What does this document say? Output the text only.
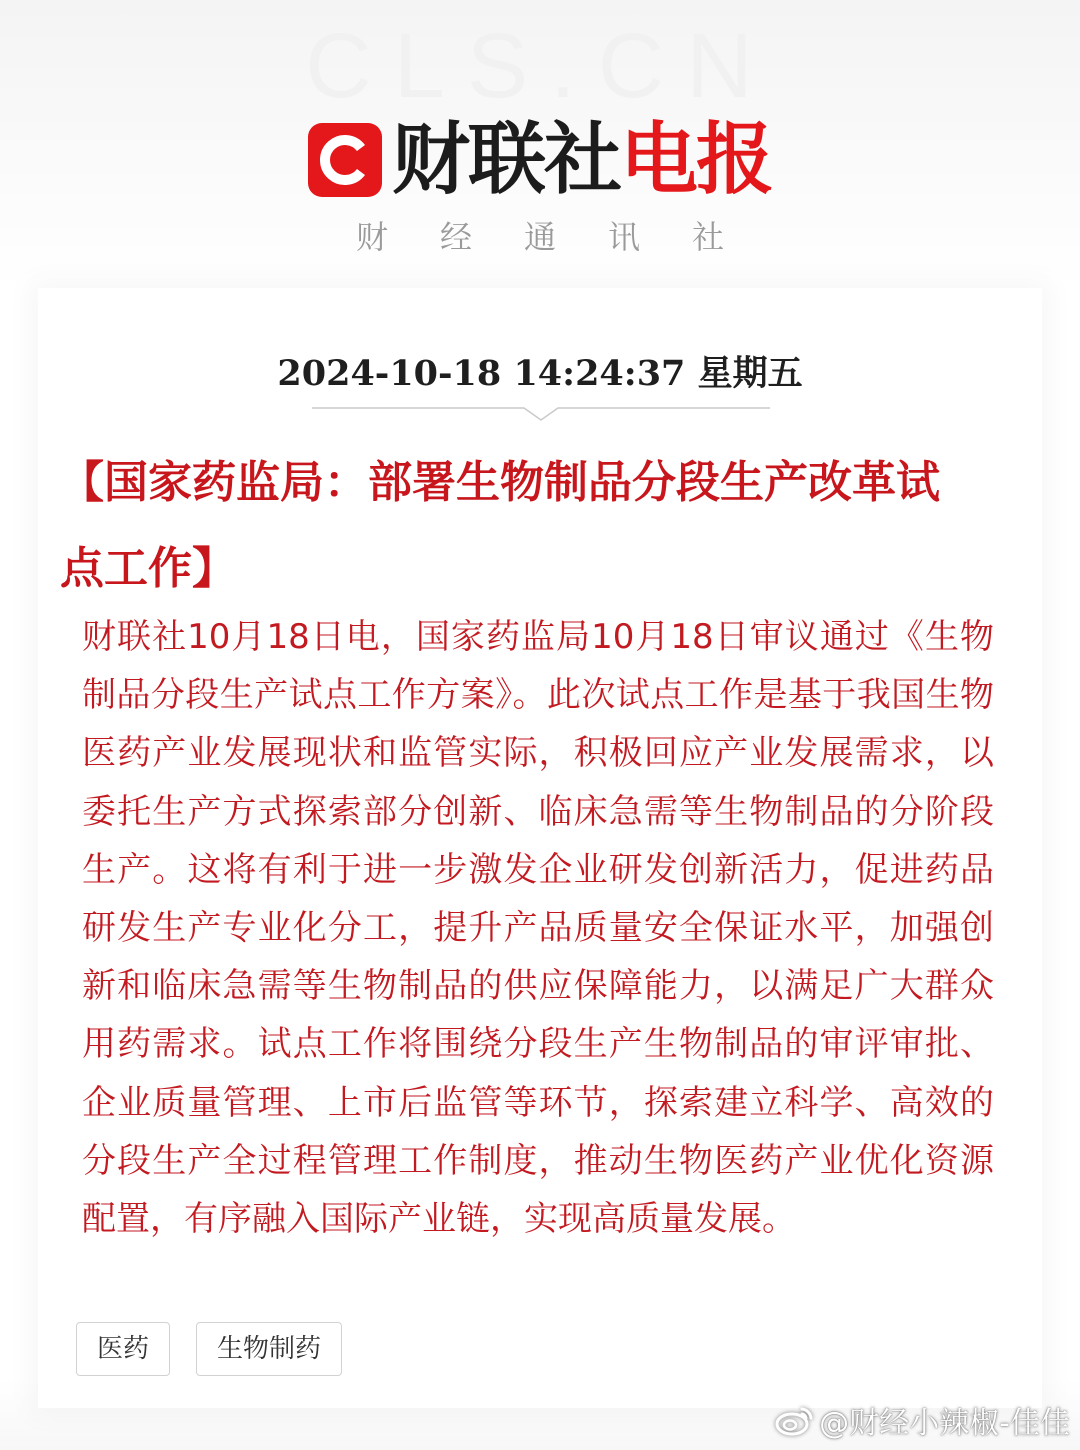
CLS.CN
财联社 电报
财经通讯社
2024-10-18 14:24:37 星期五
【国家药监局：部署生物制品分段生产改革试点工作】
财联社10月18日电，国家药监局10月18日审议通过《生物制品分段生产试点工作方案》。此次试点工作是基于我国生物医药产业发展现状和监管实际，积极回应产业发展需求，以委托生产方式探索部分创新、临床急需等生物制品的分阶段生产。这将有利于进一步激发企业研发创新活力，促进药品研发生产专业化分工，提升产品质量安全保证水平，加强创新和临床急需等生物制品的供应保障能力，以满足广大群众用药需求。试点工作将围绕分段生产生物制品的审评审批、企业质量管理、上市后监管等环节，探索建立科学、高效的分段生产全过程管理工作制度，推动生物医药产业优化资源配置，有序融入国际产业链，实现高质量发展。
医药	生物制药
@财经小辣椒-佳佳
